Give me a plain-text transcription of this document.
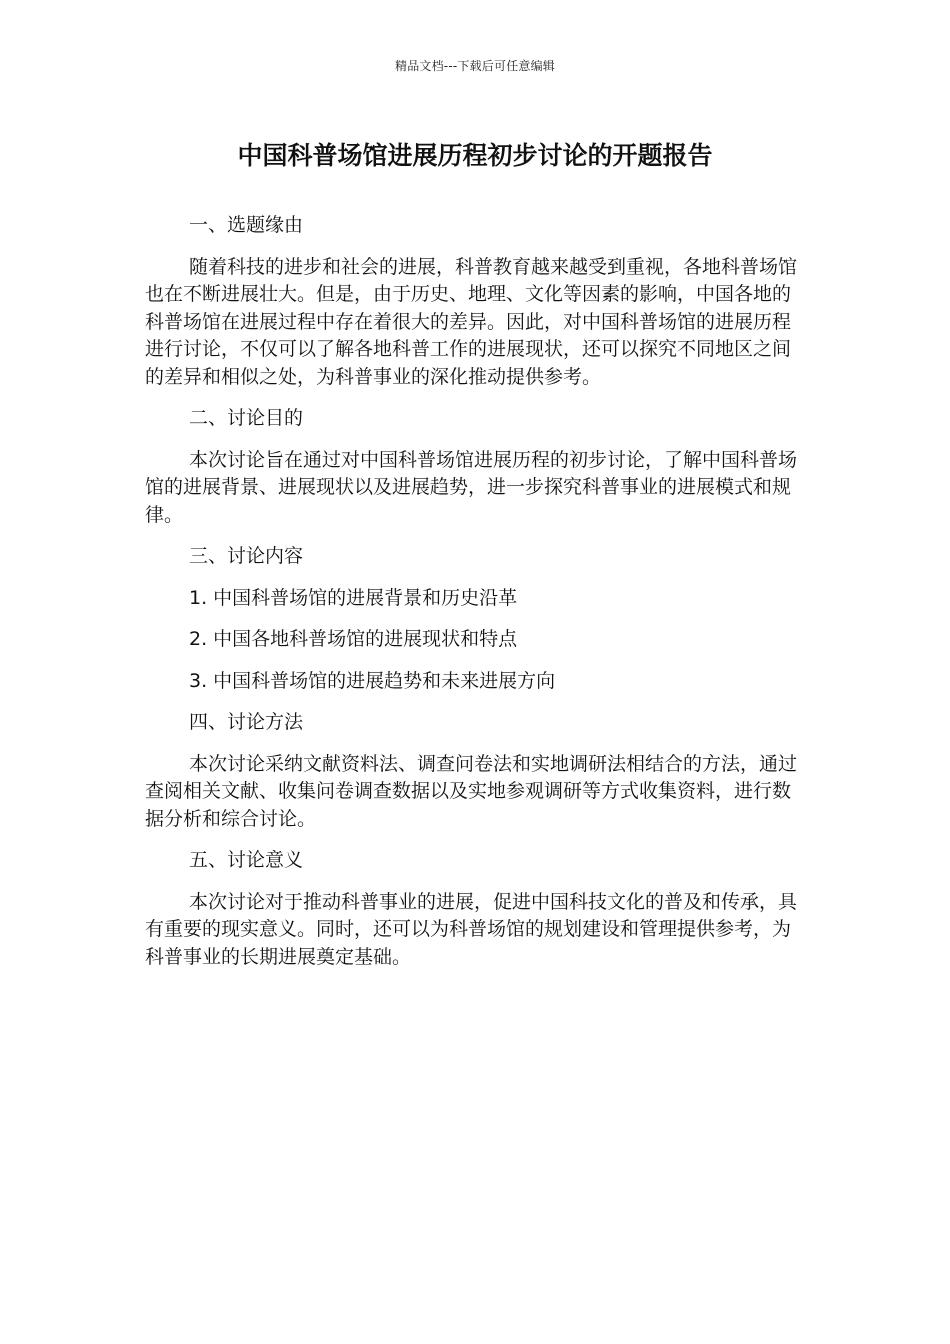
精品文档---下载后可任意编辑
中国科普场馆进展历程初步讨论的开题报告

一、选题缘由

随着科技的进步和社会的进展，科普教育越来越受到重视，各地科普场馆也在不断进展壮大。但是，由于历史、地理、文化等因素的影响，中国各地的科普场馆在进展过程中存在着很大的差异。因此，对中国科普场馆的进展历程进行讨论，不仅可以了解各地科普工作的进展现状，还可以探究不同地区之间的差异和相似之处，为科普事业的深化推动提供参考。

二、讨论目的

本次讨论旨在通过对中国科普场馆进展历程的初步讨论，了解中国科普场馆的进展背景、进展现状以及进展趋势，进一步探究科普事业的进展模式和规律。

三、讨论内容

1. 中国科普场馆的进展背景和历史沿革

2. 中国各地科普场馆的进展现状和特点

3. 中国科普场馆的进展趋势和未来进展方向

四、讨论方法

本次讨论采纳文献资料法、调查问卷法和实地调研法相结合的方法，通过查阅相关文献、收集问卷调查数据以及实地参观调研等方式收集资料，进行数据分析和综合讨论。

五、讨论意义

本次讨论对于推动科普事业的进展，促进中国科技文化的普及和传承，具有重要的现实意义。同时，还可以为科普场馆的规划建设和管理提供参考，为科普事业的长期进展奠定基础。
